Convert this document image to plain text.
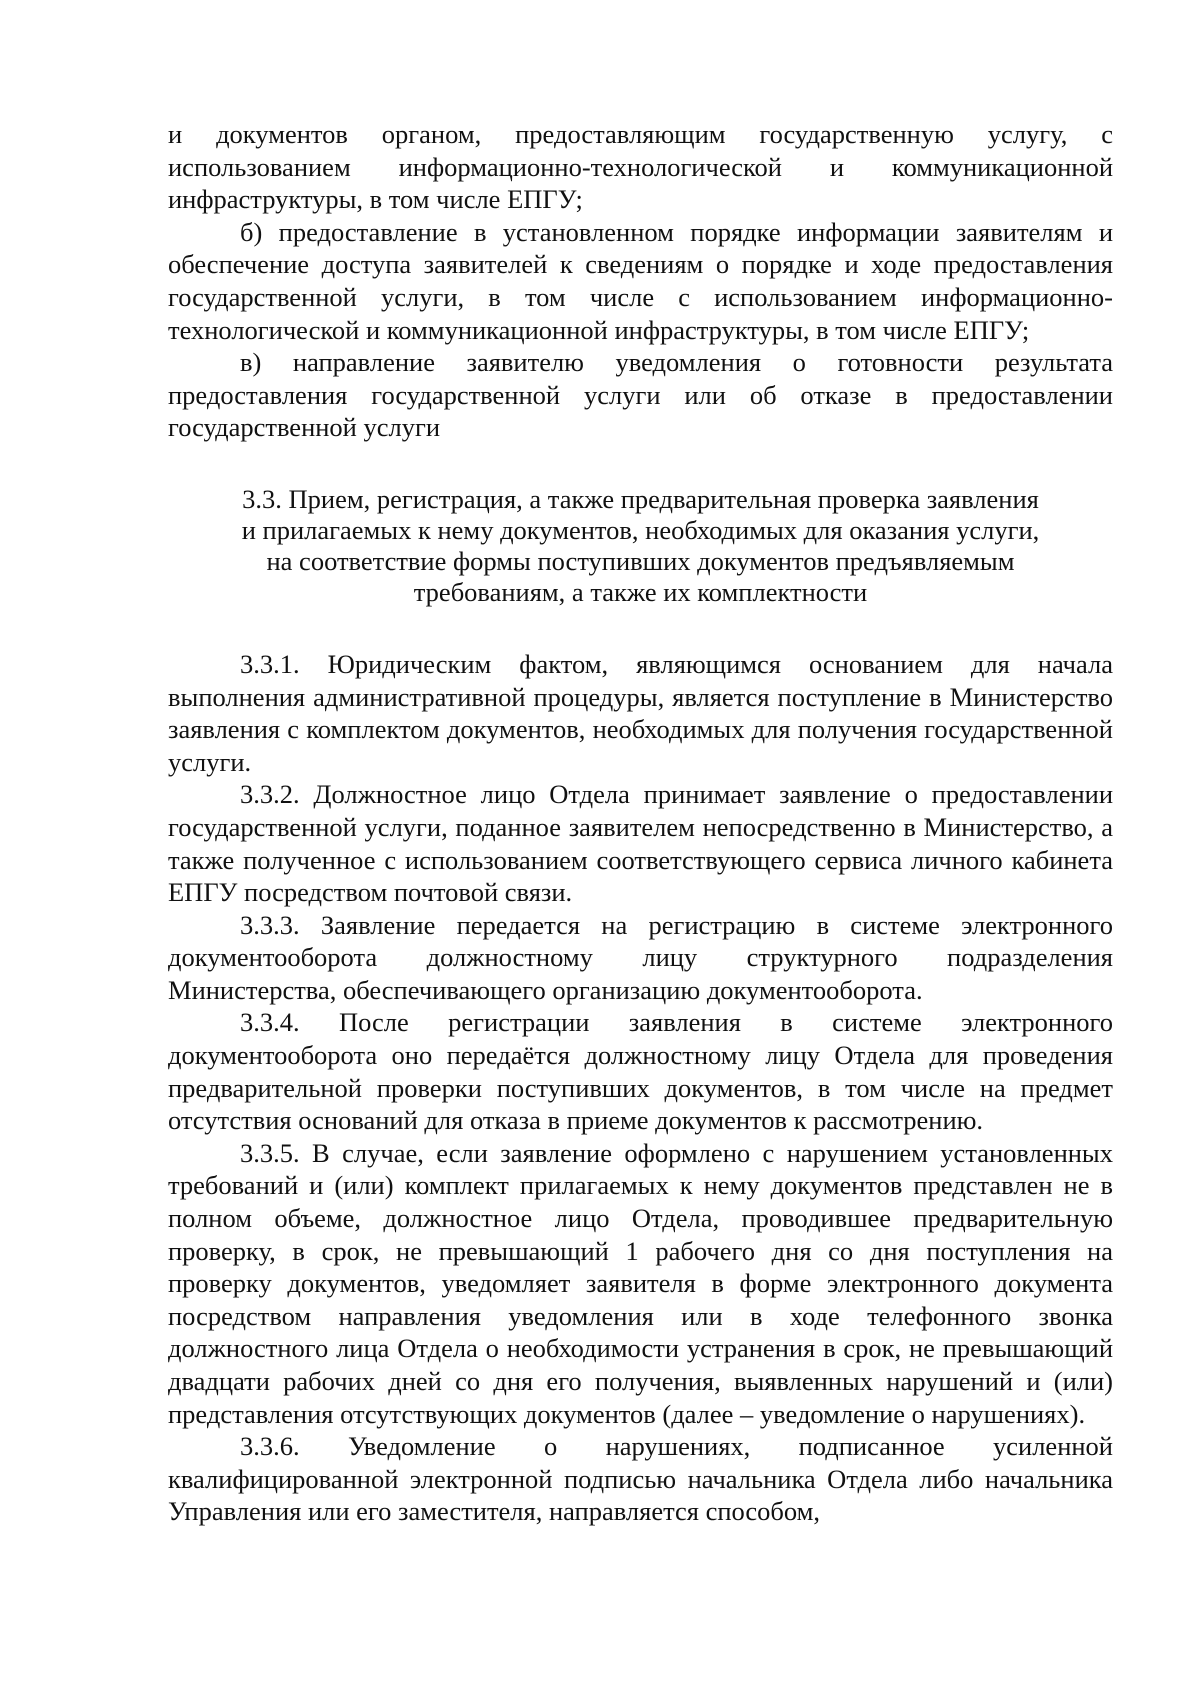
и документов органом, предоставляющим государственную услугу, с использованием информационно-технологической и коммуникационной инфраструктуры, в том числе ЕПГУ;

б) предоставление в установленном порядке информации заявителям и обеспечение доступа заявителей к сведениям о порядке и ходе предоставления государственной услуги, в том числе с использованием информационно-технологической и коммуникационной инфраструктуры, в том числе ЕПГУ;

в) направление заявителю уведомления о готовности результата предоставления государственной услуги или об отказе в предоставлении государственной услуги

3.3. Прием, регистрация, а также предварительная проверка заявления
и прилагаемых к нему документов, необходимых для оказания услуги,
на соответствие формы поступивших документов предъявляемым
требованиям, а также их комплектности

3.3.1. Юридическим фактом, являющимся основанием для начала выполнения административной процедуры, является поступление в Министерство заявления с комплектом документов, необходимых для получения государственной услуги.

3.3.2. Должностное лицо Отдела принимает заявление о предоставлении государственной услуги, поданное заявителем непосредственно в Министерство, а также полученное с использованием соответствующего сервиса личного кабинета ЕПГУ посредством почтовой связи.

3.3.3. Заявление передается на регистрацию в системе электронного документооборота должностному лицу структурного подразделения Министерства, обеспечивающего организацию документооборота.

3.3.4. После регистрации заявления в системе электронного документооборота оно передаётся должностному лицу Отдела для проведения предварительной проверки поступивших документов, в том числе на предмет отсутствия оснований для отказа в приеме документов к рассмотрению.

3.3.5. В случае, если заявление оформлено с нарушением установленных требований и (или) комплект прилагаемых к нему документов представлен не в полном объеме, должностное лицо Отдела, проводившее предварительную проверку, в срок, не превышающий 1 рабочего дня со дня поступления на проверку документов, уведомляет заявителя в форме электронного документа посредством направления уведомления или в ходе телефонного звонка должностного лица Отдела о необходимости устранения в срок, не превышающий двадцати рабочих дней со дня его получения, выявленных нарушений и (или) представления отсутствующих документов (далее – уведомление о нарушениях).

3.3.6. Уведомление о нарушениях, подписанное усиленной квалифицированной электронной подписью начальника Отдела либо начальника Управления или его заместителя, направляется способом,
